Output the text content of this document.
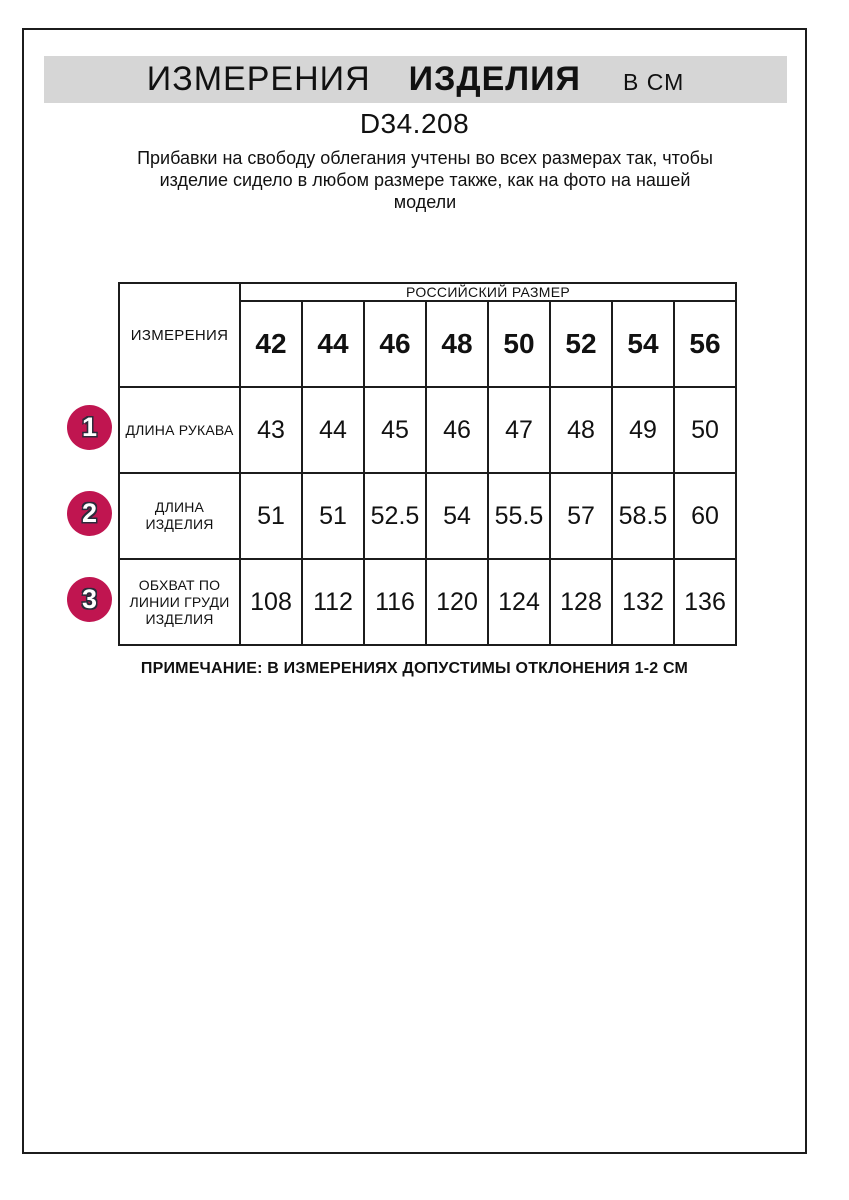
ИЗМЕРЕНИЯ ИЗДЕЛИЯ В СМ
D34.208
Прибавки на свободу облегания учтены во всех размерах так, чтобы
изделие сидело в любом размере также, как на фото на нашей
модели
ИЗМЕРЕНИЯ	РОССИЙСКИЙ РАЗМЕР							
	42	44	46	48	50	52	54	56
ДЛИНА РУКАВА	43	44	45	46	47	48	49	50
ДЛИНА
ИЗДЕЛИЯ	51	51	52.5	54	55.5	57	58.5	60
ОБХВАТ ПО
ЛИНИИ ГРУДИ
ИЗДЕЛИЯ	108	112	116	120	124	128	132	136
1
2
3
ПРИМЕЧАНИЕ: В ИЗМЕРЕНИЯХ ДОПУСТИМЫ ОТКЛОНЕНИЯ 1-2 СМ
